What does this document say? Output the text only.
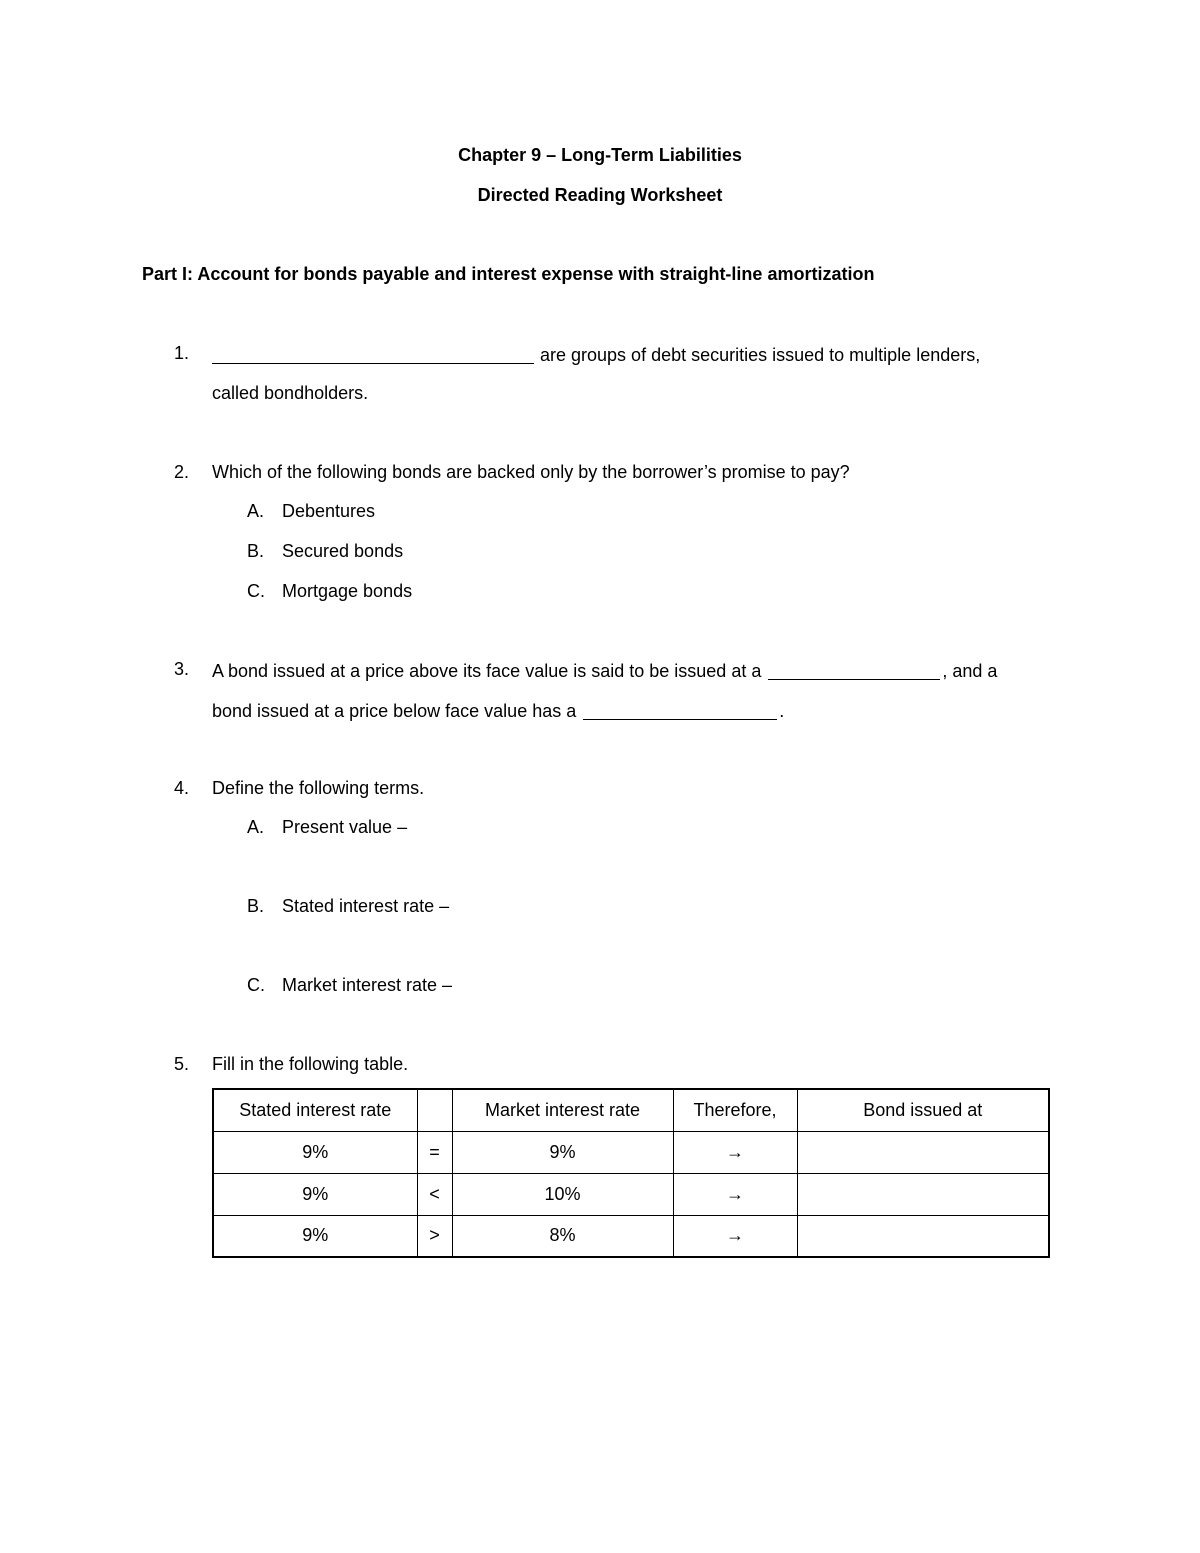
Chapter 9 – Long-Term Liabilities
Directed Reading Worksheet
Part I: Account for bonds payable and interest expense with straight-line amortization
1.	are groups of debt securities issued to multiple lenders,
called bondholders.
2. Which of the following bonds are backed only by the borrower’s promise to pay?
A. Debentures
B. Secured bonds
C. Mortgage bonds
3. A bond issued at a price above its face value is said to be issued at a	, and a
bond issued at a price below face value has a	.
4. Define the following terms.
A. Present value –
B. Stated interest rate –
C. Market interest rate –
5. Fill in the following table.
Stated interest rate		Market interest rate	Therefore,	Bond issued at
9%	=	9%	→	
9%	<	10%	→	
9%	>	8%	→	
